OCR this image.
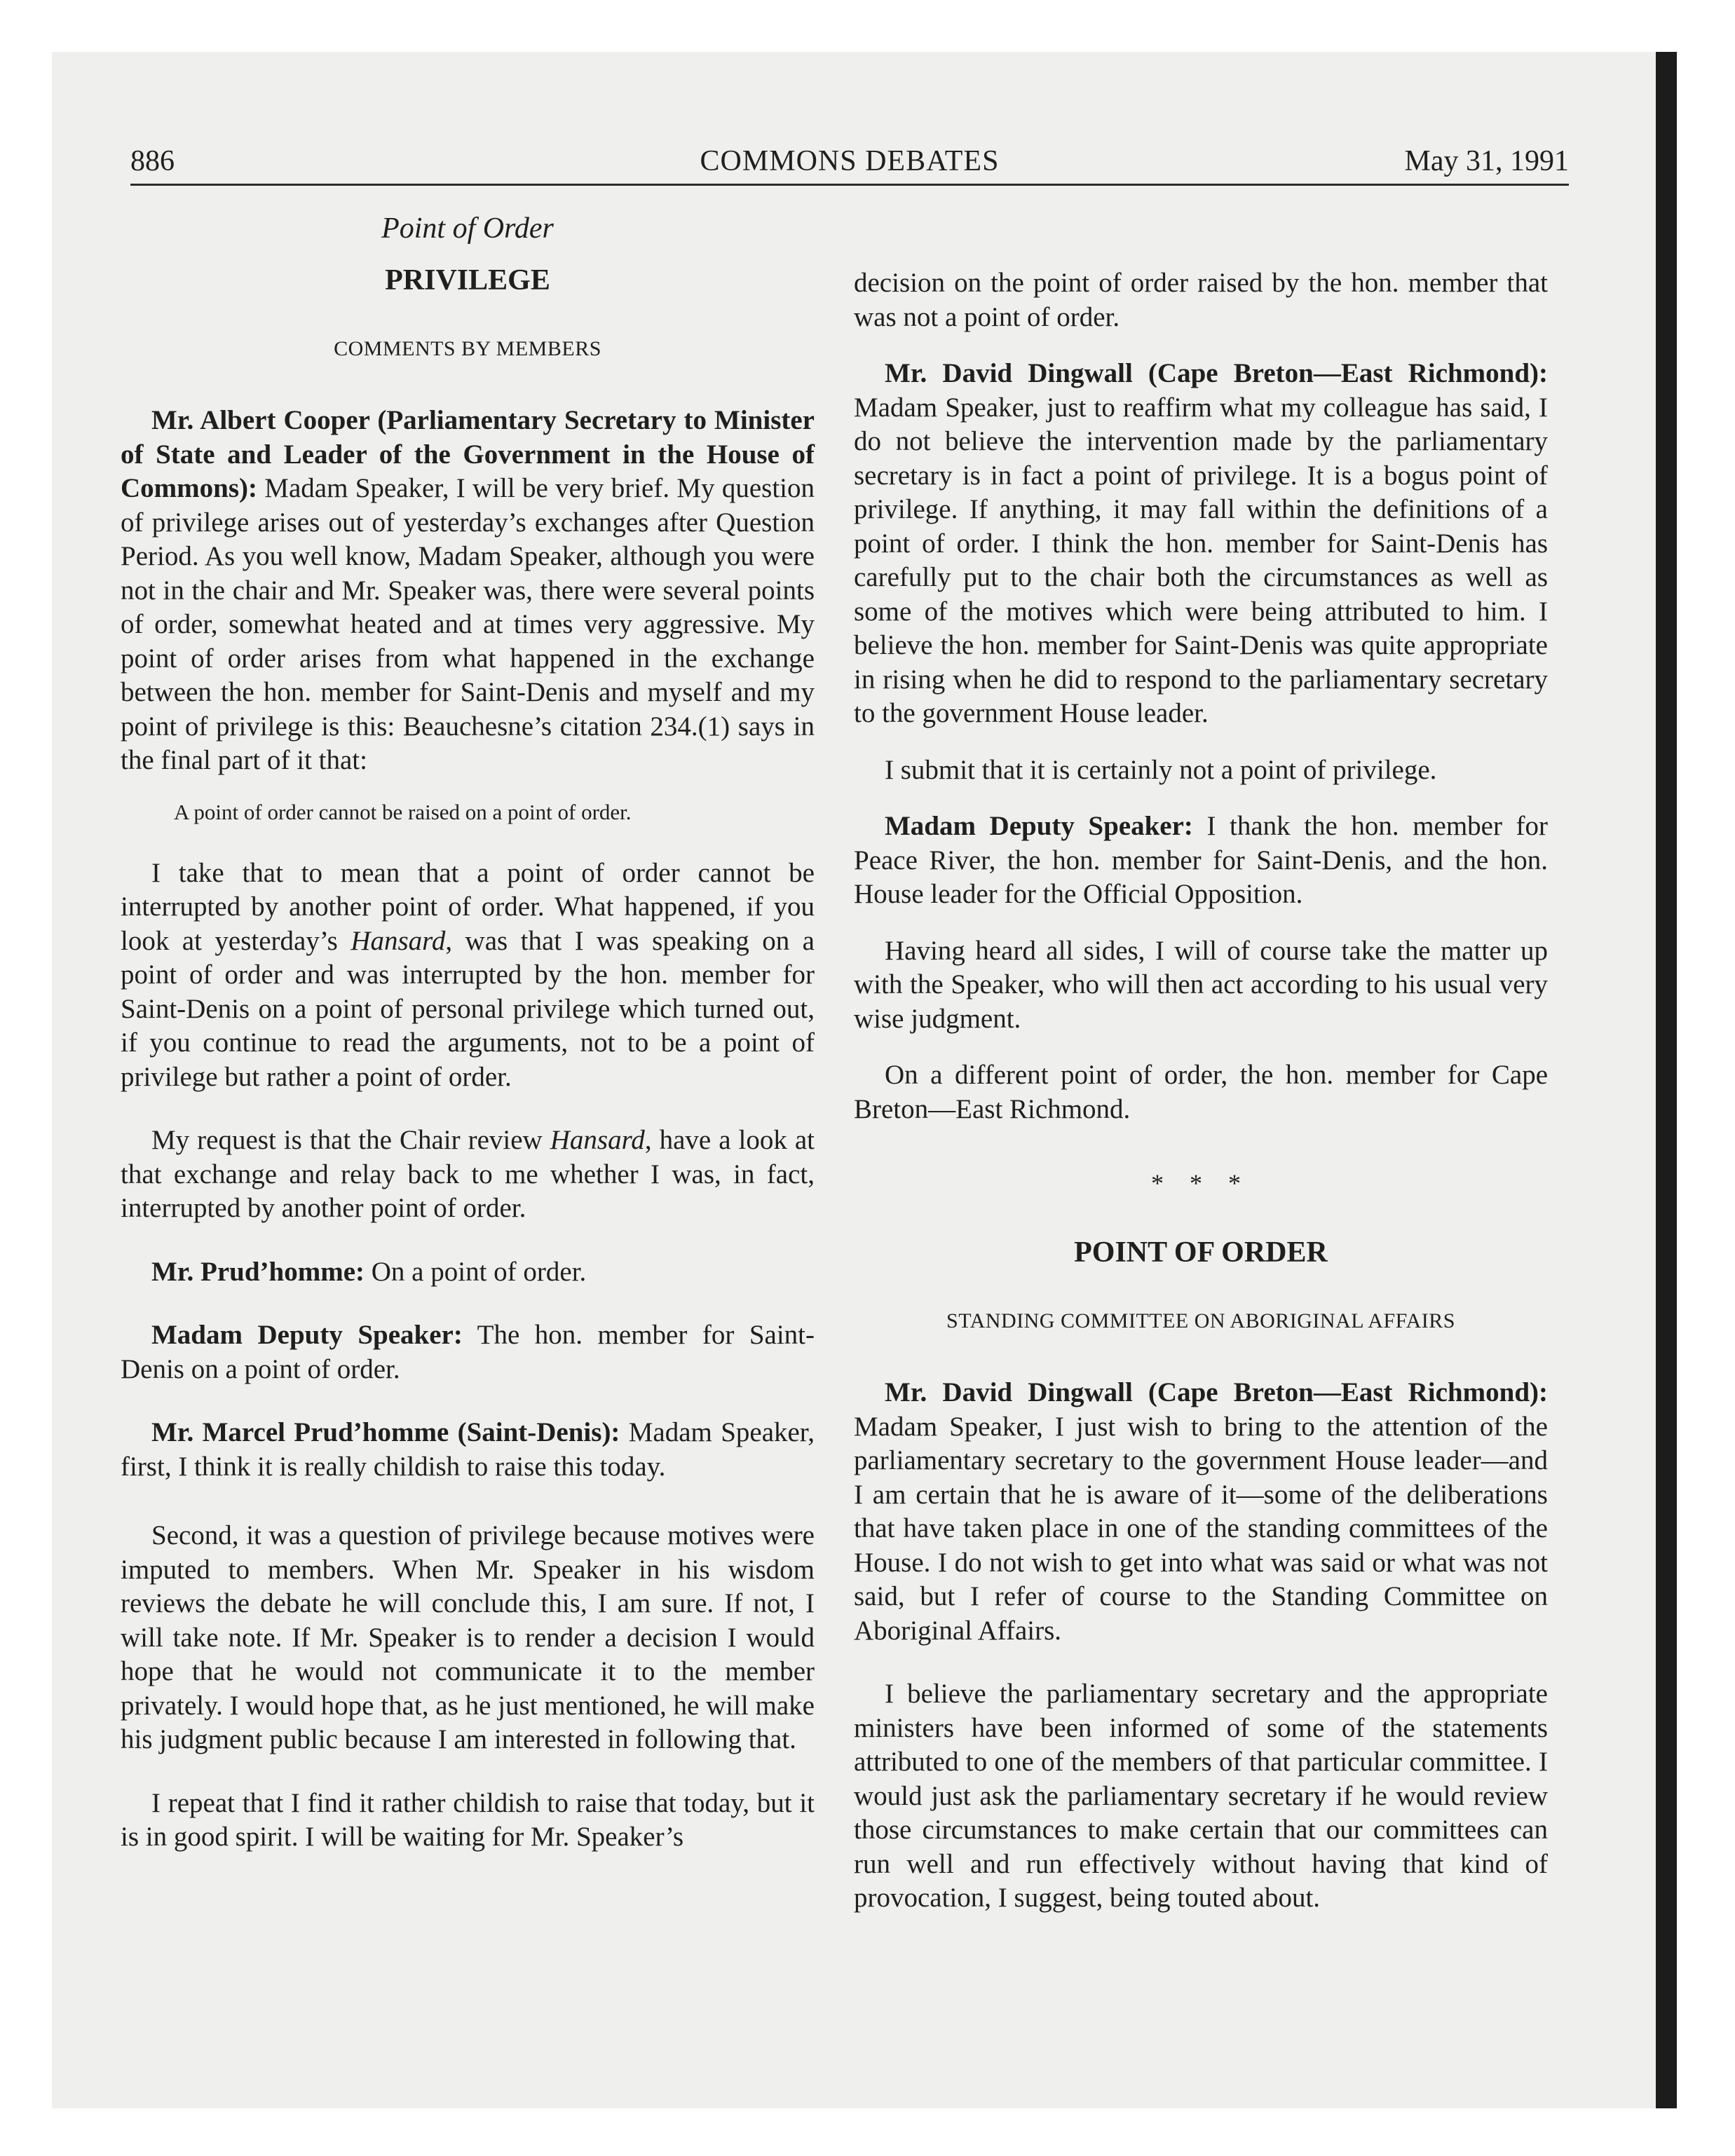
886	COMMONS DEBATES	May 31, 1991
Point of Order
PRIVILEGE
COMMENTS BY MEMBERS

Mr. Albert Cooper (Parliamentary Secretary to Minister of State and Leader of the Government in the House of Commons): Madam Speaker, I will be very brief. My question of privilege arises out of yesterday’s exchanges after Question Period. As you well know, Madam Speaker, although you were not in the chair and Mr. Speaker was, there were several points of order, somewhat heated and at times very aggressive. My point of order arises from what happened in the exchange between the hon. member for Saint-Denis and myself and my point of privilege is this: Beauchesne’s citation 234.(1) says in the final part of it that:

A point of order cannot be raised on a point of order.

I take that to mean that a point of order cannot be interrupted by another point of order. What happened, if you look at yesterday’s Hansard, was that I was speaking on a point of order and was interrupted by the hon. member for Saint-Denis on a point of personal privilege which turned out, if you continue to read the arguments, not to be a point of privilege but rather a point of order.

My request is that the Chair review Hansard, have a look at that exchange and relay back to me whether I was, in fact, interrupted by another point of order.

Mr. Prud’homme: On a point of order.

Madam Deputy Speaker: The hon. member for Saint-Denis on a point of order.

Mr. Marcel Prud’homme (Saint-Denis): Madam Speaker, first, I think it is really childish to raise this today.

Second, it was a question of privilege because motives were imputed to members. When Mr. Speaker in his wisdom reviews the debate he will conclude this, I am sure. If not, I will take note. If Mr. Speaker is to render a decision I would hope that he would not communicate it to the member privately. I would hope that, as he just mentioned, he will make his judgment public because I am interested in following that.

I repeat that I find it rather childish to raise that today, but it is in good spirit. I will be waiting for Mr. Speaker’s

decision on the point of order raised by the hon. member that was not a point of order.

Mr. David Dingwall (Cape Breton—East Richmond): Madam Speaker, just to reaffirm what my colleague has said, I do not believe the intervention made by the parliamentary secretary is in fact a point of privilege. It is a bogus point of privilege. If anything, it may fall within the definitions of a point of order. I think the hon. member for Saint-Denis has carefully put to the chair both the circumstances as well as some of the motives which were being attributed to him. I believe the hon. member for Saint-Denis was quite appropriate in rising when he did to respond to the parliamentary secretary to the government House leader.

I submit that it is certainly not a point of privilege.

Madam Deputy Speaker: I thank the hon. member for Peace River, the hon. member for Saint-Denis, and the hon. House leader for the Official Opposition.

Having heard all sides, I will of course take the matter up with the Speaker, who will then act according to his usual very wise judgment.

On a different point of order, the hon. member for Cape Breton—East Richmond.

* * *
POINT OF ORDER
STANDING COMMITTEE ON ABORIGINAL AFFAIRS

Mr. David Dingwall (Cape Breton—East Richmond): Madam Speaker, I just wish to bring to the attention of the parliamentary secretary to the government House leader—and I am certain that he is aware of it—some of the deliberations that have taken place in one of the standing committees of the House. I do not wish to get into what was said or what was not said, but I refer of course to the Standing Committee on Aboriginal Affairs.

I believe the parliamentary secretary and the appropriate ministers have been informed of some of the statements attributed to one of the members of that particular committee. I would just ask the parliamentary secretary if he would review those circumstances to make certain that our committees can run well and run effectively without having that kind of provocation, I suggest, being touted about.
